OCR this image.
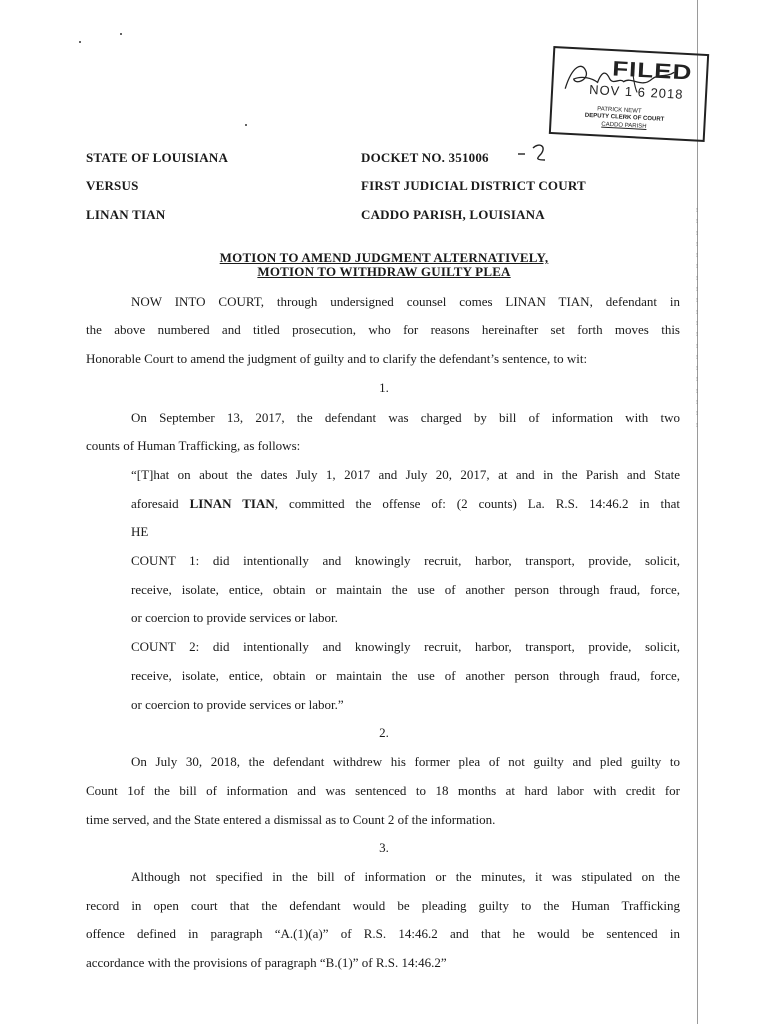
⁝
⁝
⁝
⁝
⁝
⁝
⁝
⁝
⁝
⁝
⁝
⁝
⁝
⁝
⁝
⁝
⁝
⁝
⁝
⁝
FILED
NOV 1 6 2018
PATRICK NEWT
DEPUTY CLERK OF COURT
CADDO PARISH
STATE OF LOUISIANA
VERSUS
LINAN TIAN
DOCKET NO. 351006
FIRST JUDICIAL DISTRICT COURT
CADDO PARISH, LOUISIANA
MOTION TO AMEND JUDGMENT ALTERNATIVELY,
MOTION TO WITHDRAW GUILTY PLEA
NOW INTO COURT, through undersigned counsel comes LINAN TIAN, defendant in
the above numbered and titled prosecution, who for reasons hereinafter set forth moves this
Honorable Court to amend the judgment of guilty and to clarify the defendant’s sentence, to wit:
1.
On September 13, 2017, the defendant was charged by bill of information with two
counts of Human Trafficking, as follows:
“[T]hat on about the dates July 1, 2017 and July 20, 2017, at and in the Parish and State
aforesaid LINAN TIAN, committed the offense of: (2 counts) La. R.S. 14:46.2 in that
HE
COUNT 1: did intentionally and knowingly recruit, harbor, transport, provide, solicit,
receive, isolate, entice, obtain or maintain the use of another person through fraud, force,
or coercion to provide services or labor.
COUNT 2: did intentionally and knowingly recruit, harbor, transport, provide, solicit,
receive, isolate, entice, obtain or maintain the use of another person through fraud, force,
or coercion to provide services or labor.”
2.
On July 30, 2018, the defendant withdrew his former plea of not guilty and pled guilty to
Count 1of the bill of information and was sentenced to 18 months at hard labor with credit for
time served, and the State entered a dismissal as to Count 2 of the information.
3.
Although not specified in the bill of information or the minutes, it was stipulated on the
record in open court that the defendant would be pleading guilty to the Human Trafficking
offence defined in paragraph “A.(1)(a)” of R.S. 14:46.2 and that he would be sentenced in
accordance with the provisions of paragraph “B.(1)” of R.S. 14:46.2”
